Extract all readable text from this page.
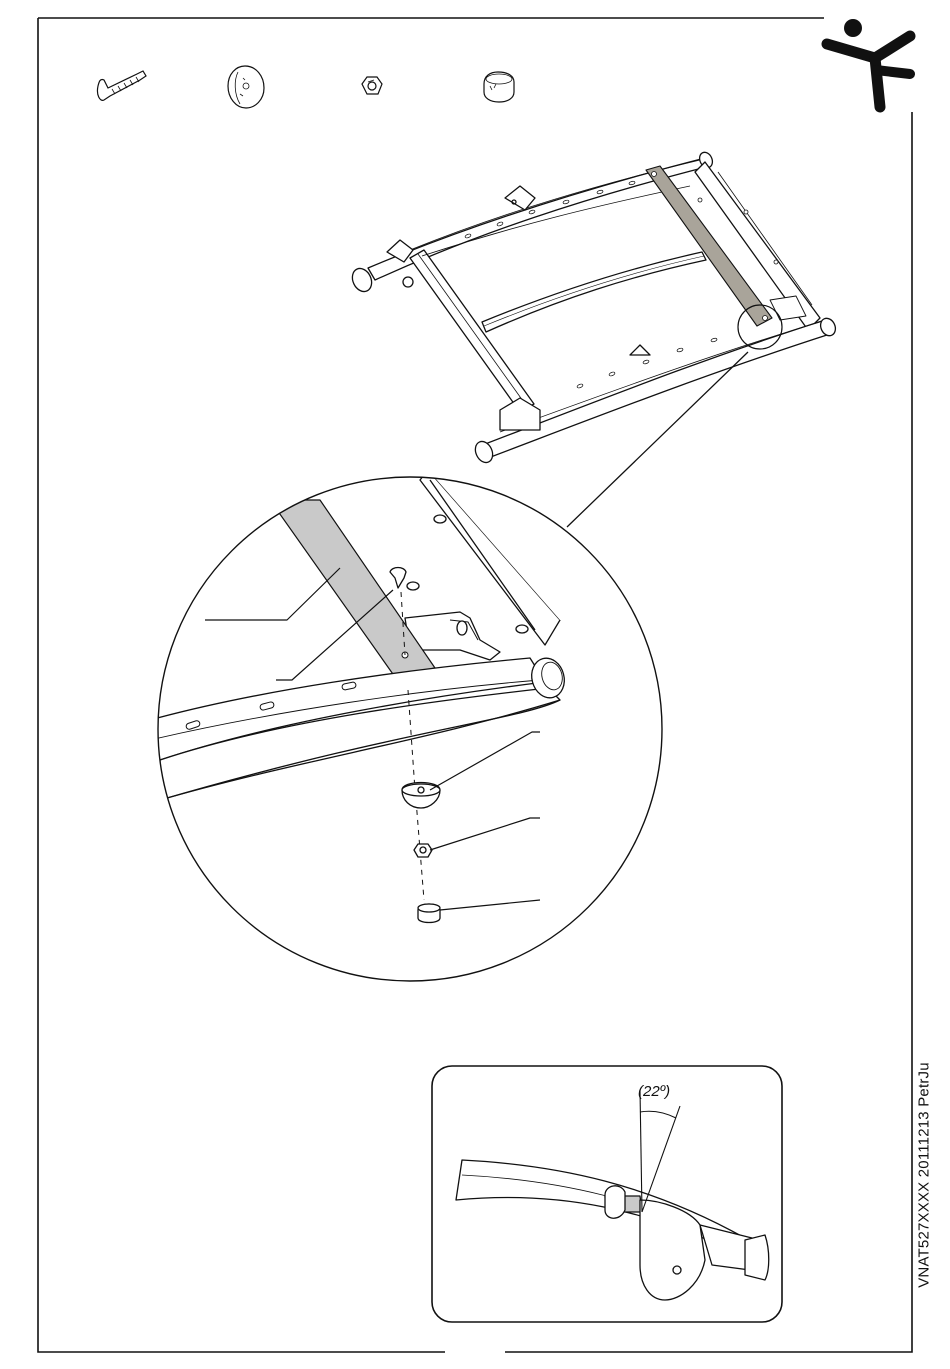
(22º)	VNAT527XXXX 20111213 PetrJu
